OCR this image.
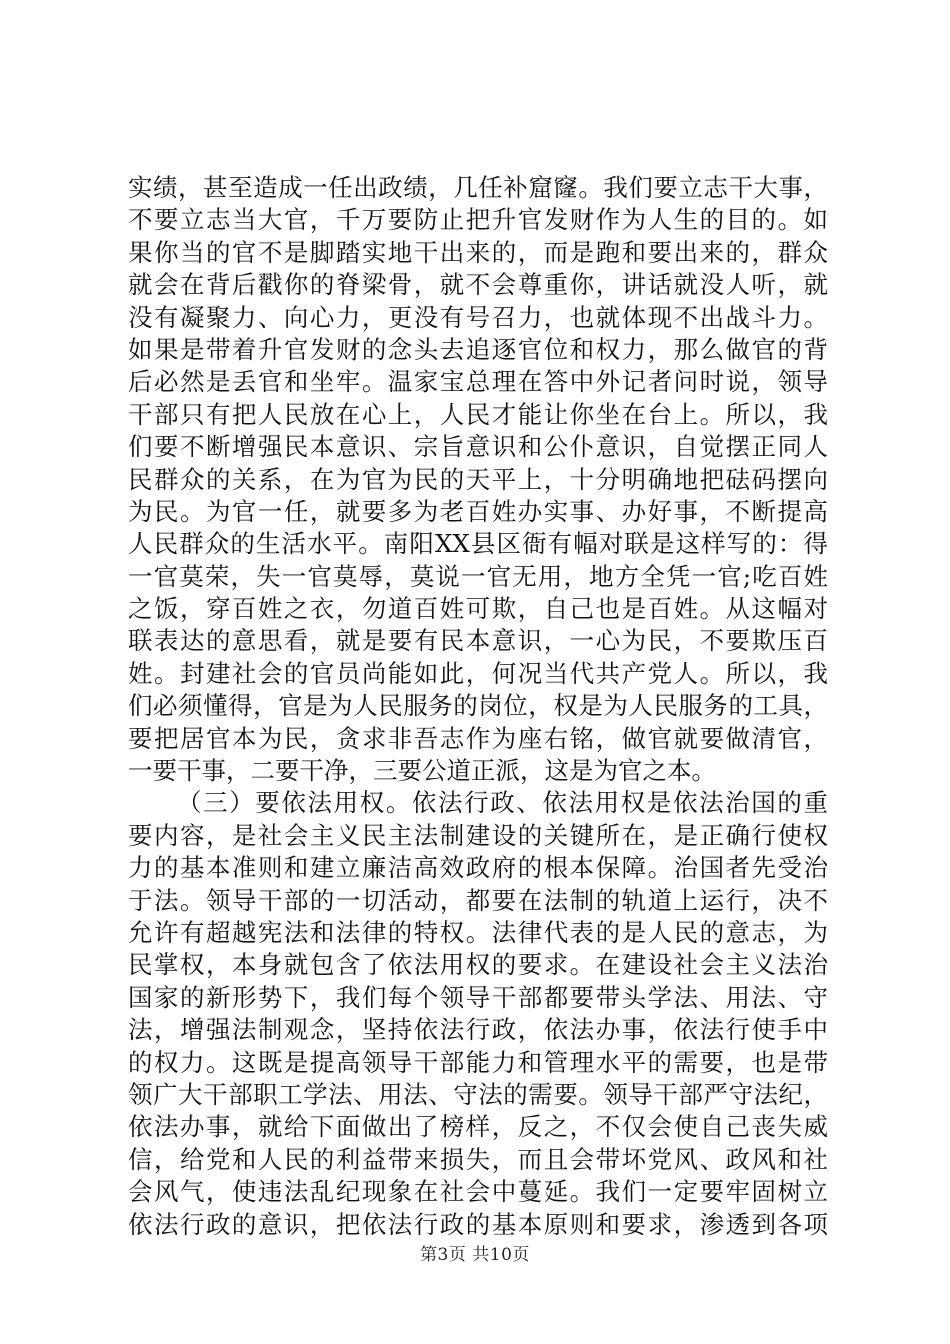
实绩，甚至造成一任出政绩，几任补窟窿。我们要立志干大事，
不要立志当大官，千万要防止把升官发财作为人生的目的。如
果你当的官不是脚踏实地干出来的，而是跑和要出来的，群众
就会在背后戳你的脊梁骨，就不会尊重你，讲话就没人听，就
没有凝聚力、向心力，更没有号召力，也就体现不出战斗力。
如果是带着升官发财的念头去追逐官位和权力，那么做官的背
后必然是丢官和坐牢。温家宝总理在答中外记者问时说，领导
干部只有把人民放在心上，人民才能让你坐在台上。所以，我
们要不断增强民本意识、宗旨意识和公仆意识，自觉摆正同人
民群众的关系，在为官为民的天平上，十分明确地把砝码摆向
为民。为官一任，就要多为老百姓办实事、办好事，不断提高
人民群众的生活水平。南阳XX县区衙有幅对联是这样写的：得
一官莫荣，失一官莫辱，莫说一官无用，地方全凭一官;吃百姓
之饭，穿百姓之衣，勿道百姓可欺，自己也是百姓。从这幅对
联表达的意思看，就是要有民本意识，一心为民，不要欺压百
姓。封建社会的官员尚能如此，何况当代共产党人。所以，我
们必须懂得，官是为人民服务的岗位，权是为人民服务的工具，
要把居官本为民，贪求非吾志作为座右铭，做官就要做清官，
一要干事，二要干净，三要公道正派，这是为官之本。
（三）要依法用权。依法行政、依法用权是依法治国的重
要内容，是社会主义民主法制建设的关键所在，是正确行使权
力的基本准则和建立廉洁高效政府的根本保障。治国者先受治
于法。领导干部的一切活动，都要在法制的轨道上运行，决不
允许有超越宪法和法律的特权。法律代表的是人民的意志，为
民掌权，本身就包含了依法用权的要求。在建设社会主义法治
国家的新形势下，我们每个领导干部都要带头学法、用法、守
法，增强法制观念，坚持依法行政，依法办事，依法行使手中
的权力。这既是提高领导干部能力和管理水平的需要，也是带
领广大干部职工学法、用法、守法的需要。领导干部严守法纪，
依法办事，就给下面做出了榜样，反之，不仅会使自己丧失威
信，给党和人民的利益带来损失，而且会带坏党风、政风和社
会风气，使违法乱纪现象在社会中蔓延。我们一定要牢固树立
依法行政的意识，把依法行政的基本原则和要求，渗透到各项
第3页 共10页
